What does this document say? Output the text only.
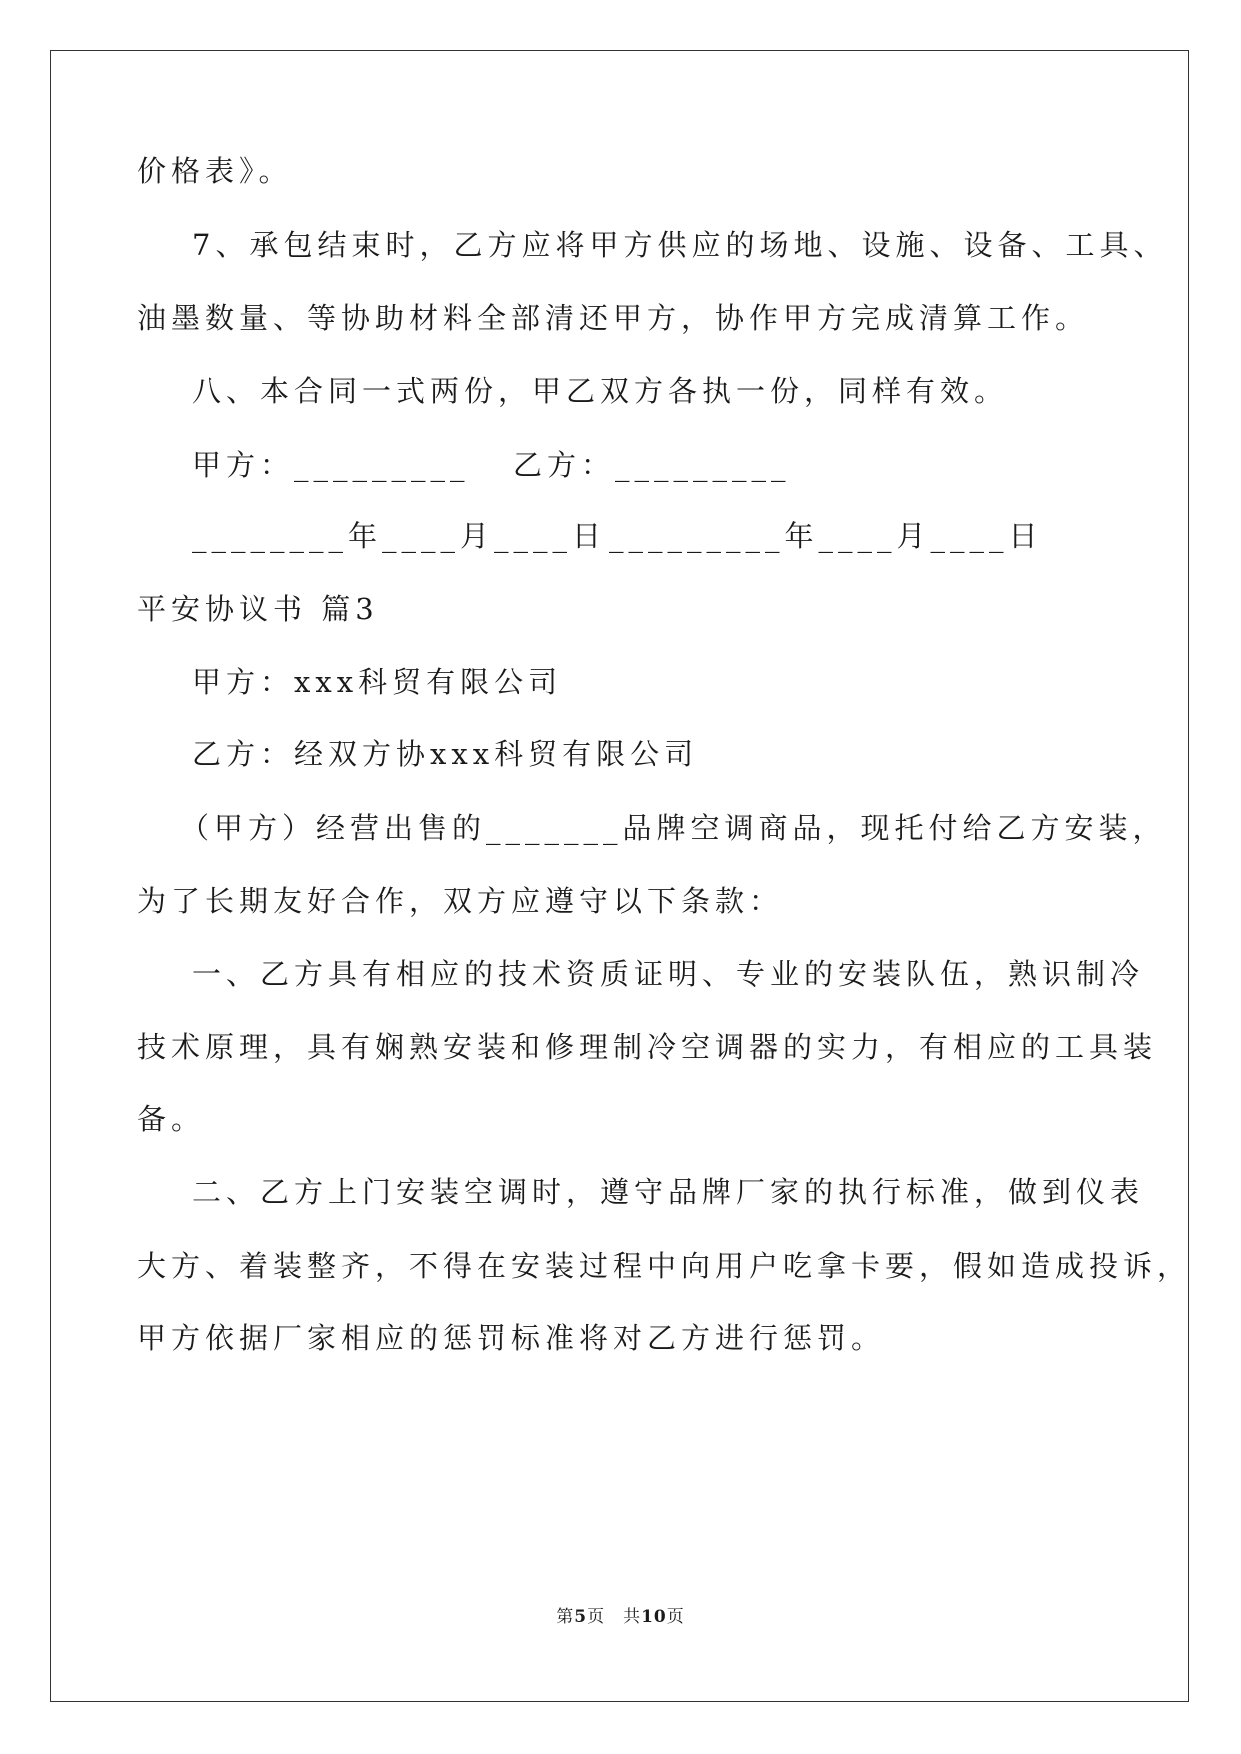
价格表》。
7、承包结束时，乙方应将甲方供应的场地、设施、设备、工具、
油墨数量、等协助材料全部清还甲方，协作甲方完成清算工作。
八、本合同一式两份，甲乙双方各执一份，同样有效。
甲方：_________ 乙方：_________
________年____月____日 _________年____月____日
平安协议书 篇3
甲方：xxx科贸有限公司
乙方：经双方协xxx科贸有限公司
（甲方）经营出售的_______品牌空调商品，现托付给乙方安装，
为了长期友好合作，双方应遵守以下条款：
一、乙方具有相应的技术资质证明、专业的安装队伍，熟识制冷
技术原理，具有娴熟安装和修理制冷空调器的实力，有相应的工具装
备。
二、乙方上门安装空调时，遵守品牌厂家的执行标准，做到仪表
大方、着装整齐，不得在安装过程中向用户吃拿卡要，假如造成投诉，
甲方依据厂家相应的惩罚标准将对乙方进行惩罚。
第5页　共10页
